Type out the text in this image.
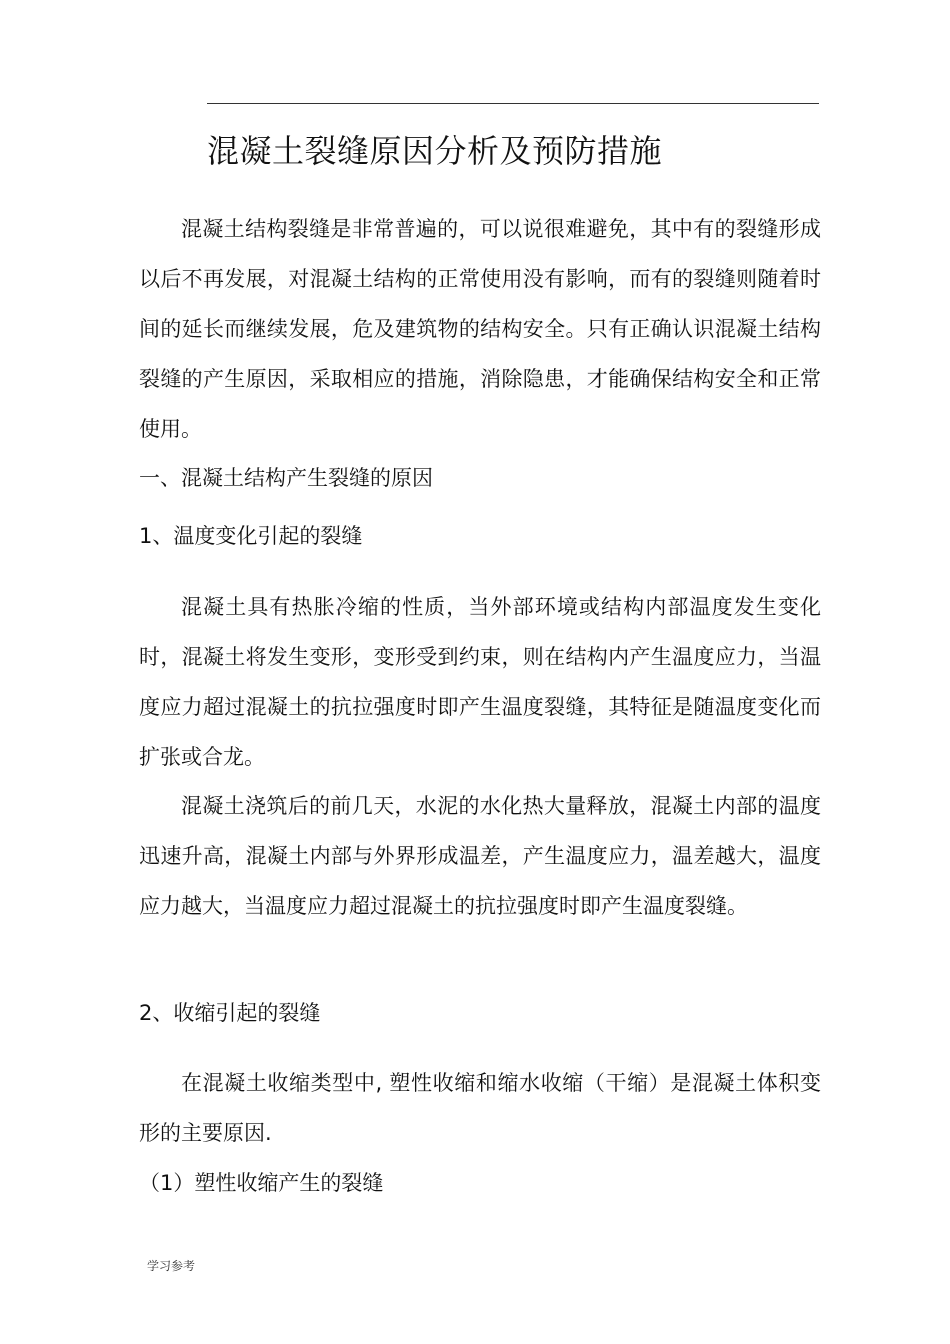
混凝土裂缝原因分析及预防措施

混凝土结构裂缝是非常普遍的，可以说很难避免，其中有的裂缝形成以后不再发展，对混凝土结构的正常使用没有影响，而有的裂缝则随着时间的延长而继续发展，危及建筑物的结构安全。只有正确认识混凝土结构裂缝的产生原因，采取相应的措施，消除隐患，才能确保结构安全和正常使用。

一、混凝土结构产生裂缝的原因

1、温度变化引起的裂缝

混凝土具有热胀冷缩的性质，当外部环境或结构内部温度发生变化时，混凝土将发生变形，变形受到约束，则在结构内产生温度应力，当温度应力超过混凝土的抗拉强度时即产生温度裂缝，其特征是随温度变化而扩张或合龙。

混凝土浇筑后的前几天，水泥的水化热大量释放，混凝土内部的温度迅速升高，混凝土内部与外界形成温差，产生温度应力，温差越大，温度应力越大，当温度应力超过混凝土的抗拉强度时即产生温度裂缝。

2、收缩引起的裂缝

在混凝土收缩类型中, 塑性收缩和缩水收缩（干缩）是混凝土体积变形的主要原因.

（1）塑性收缩产生的裂缝

学习参考
